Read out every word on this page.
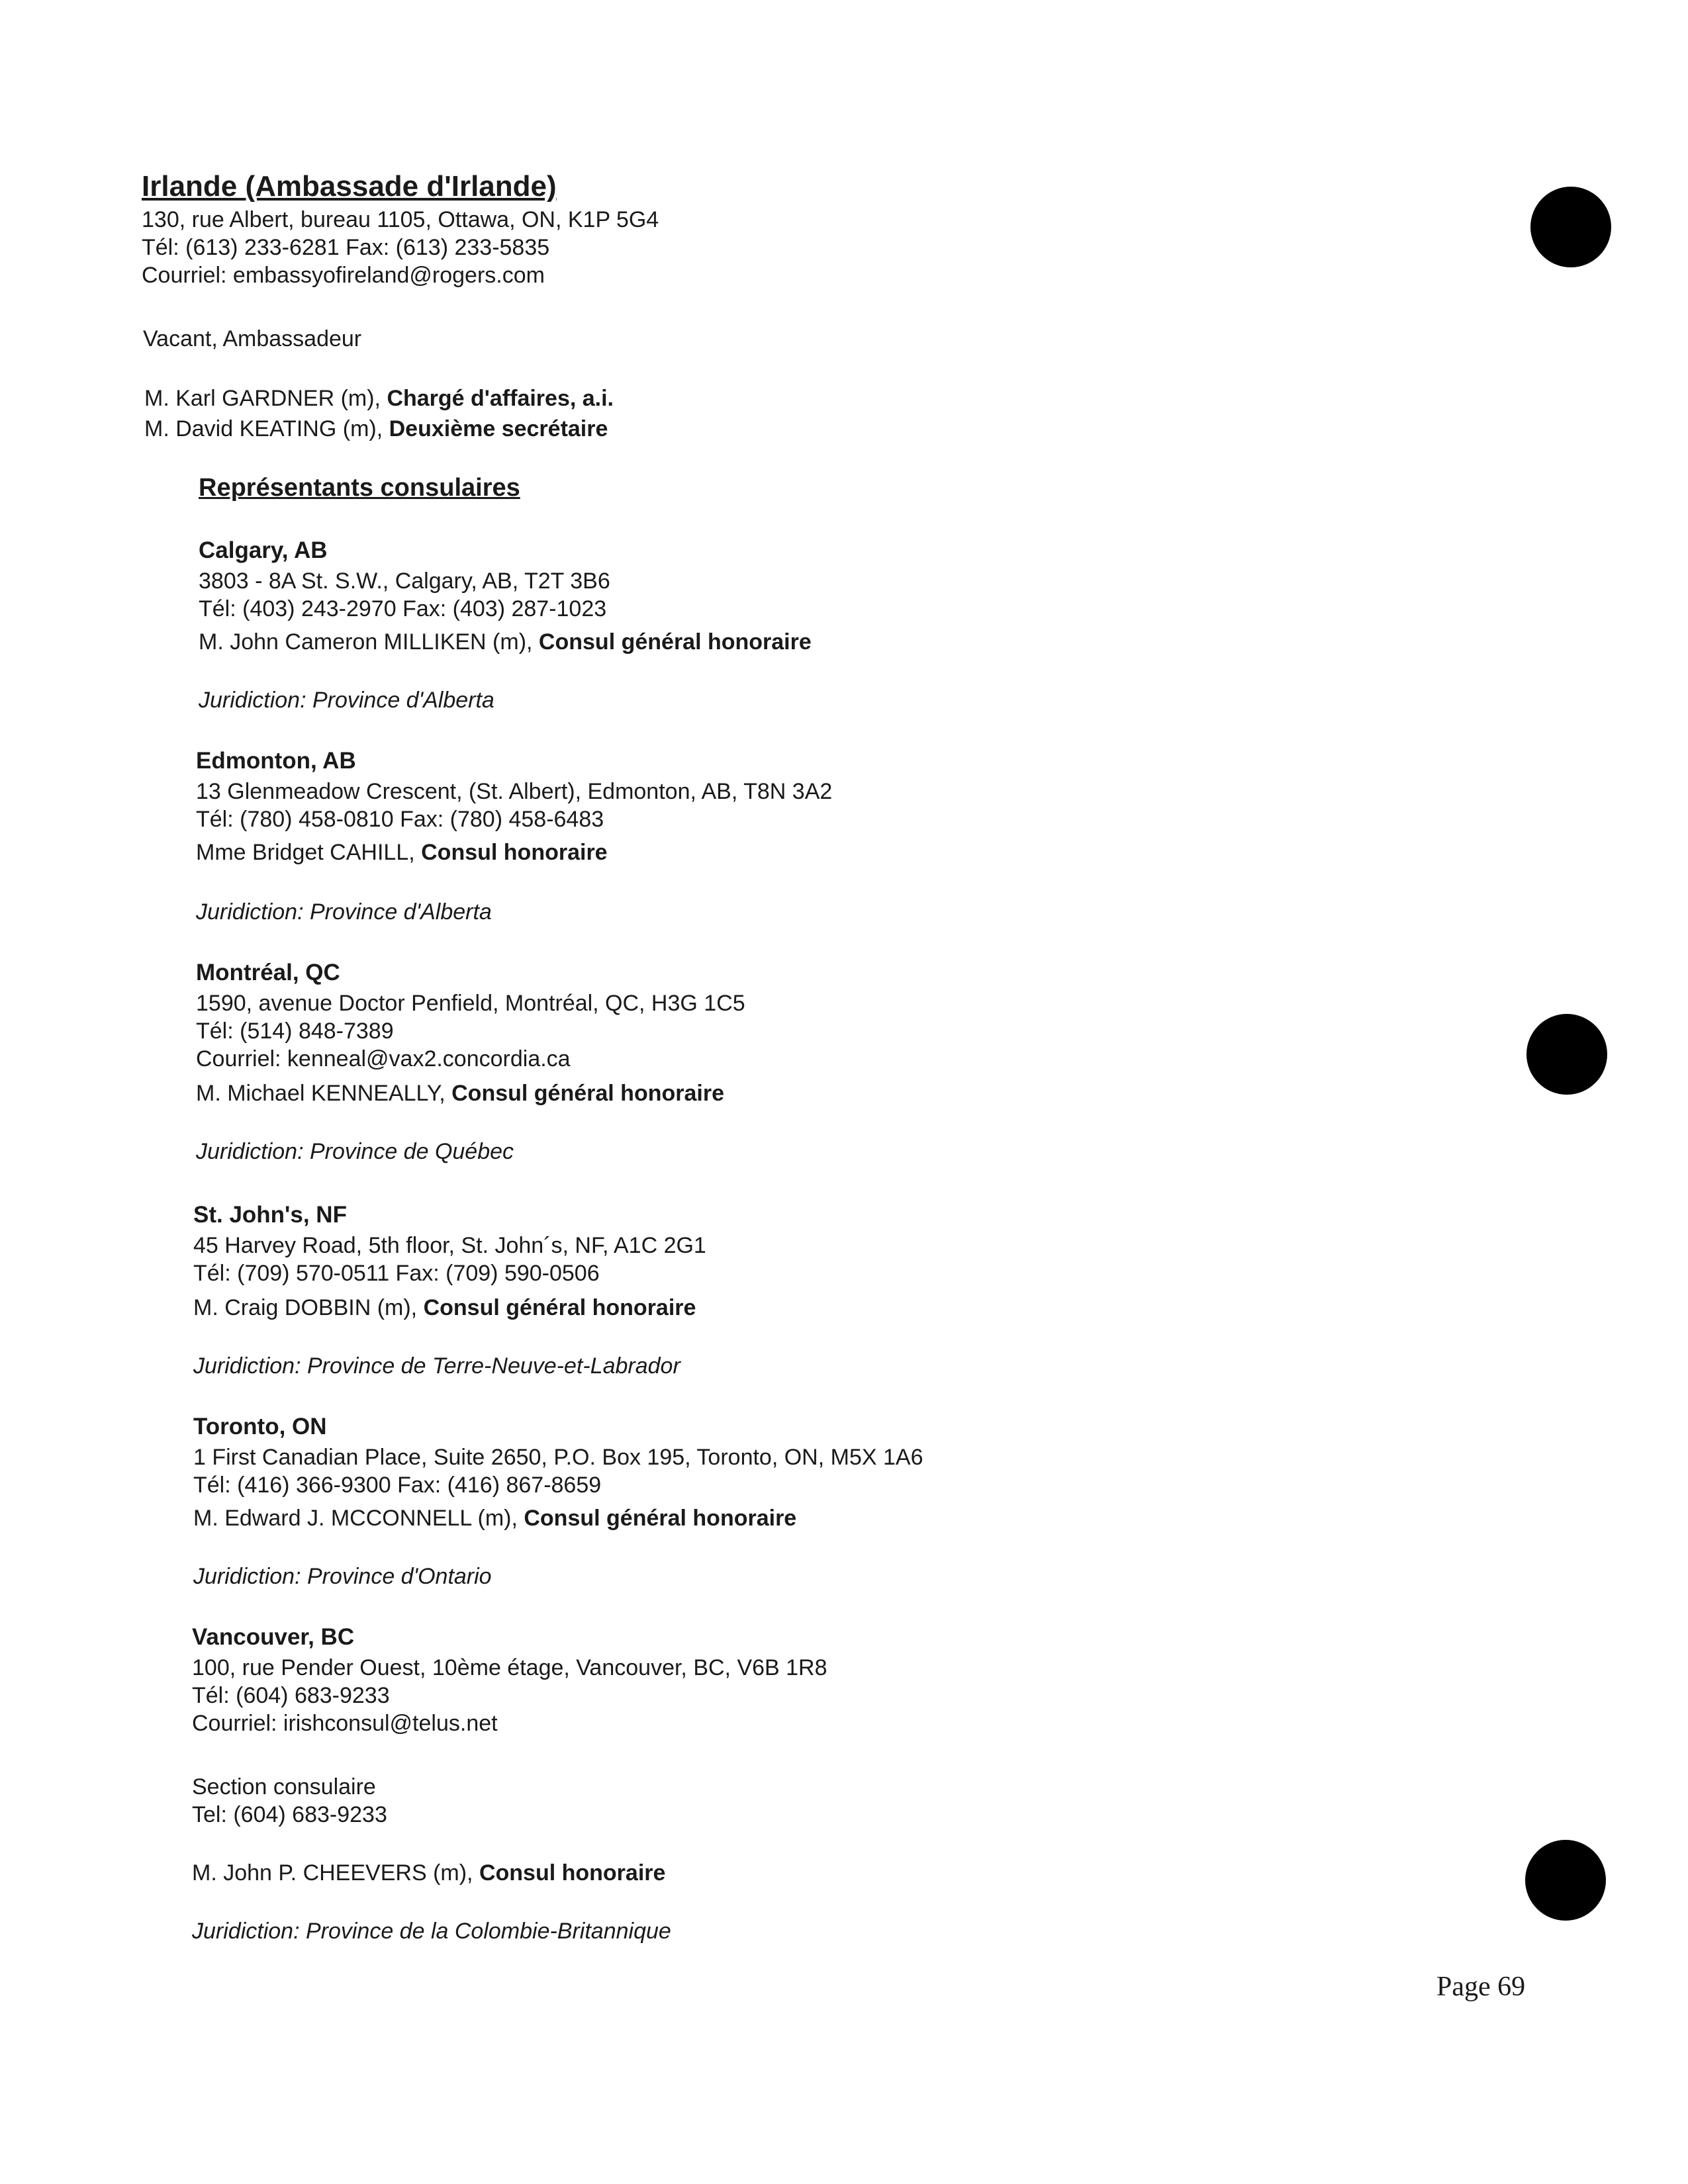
Irlande (Ambassade d'Irlande)
130, rue Albert, bureau 1105, Ottawa, ON, K1P 5G4
Tél: (613) 233-6281 Fax: (613) 233-5835
Courriel: embassyofireland@rogers.com
Vacant, Ambassadeur
M. Karl GARDNER (m), Chargé d'affaires, a.i.
M. David KEATING (m), Deuxième secrétaire
Représentants consulaires
Calgary, AB
3803 - 8A St. S.W., Calgary, AB, T2T 3B6
Tél: (403) 243-2970 Fax: (403) 287-1023
M. John Cameron MILLIKEN (m), Consul général honoraire
Juridiction: Province d'Alberta
Edmonton, AB
13 Glenmeadow Crescent, (St. Albert), Edmonton, AB, T8N 3A2
Tél: (780) 458-0810 Fax: (780) 458-6483
Mme Bridget CAHILL, Consul honoraire
Juridiction: Province d'Alberta
Montréal, QC
1590, avenue Doctor Penfield, Montréal, QC, H3G 1C5
Tél: (514) 848-7389
Courriel: kenneal@vax2.concordia.ca
M. Michael KENNEALLY, Consul général honoraire
Juridiction: Province de Québec
St. John's, NF
45 Harvey Road, 5th floor, St. John´s, NF, A1C 2G1
Tél: (709) 570-0511 Fax: (709) 590-0506
M. Craig DOBBIN (m), Consul général honoraire
Juridiction: Province de Terre-Neuve-et-Labrador
Toronto, ON
1 First Canadian Place, Suite 2650, P.O. Box 195, Toronto, ON, M5X 1A6
Tél: (416) 366-9300 Fax: (416) 867-8659
M. Edward J. MCCONNELL (m), Consul général honoraire
Juridiction: Province d'Ontario
Vancouver, BC
100, rue Pender Ouest, 10ème étage, Vancouver, BC, V6B 1R8
Tél: (604) 683-9233
Courriel: irishconsul@telus.net
Section consulaire
Tel: (604) 683-9233
M. John P. CHEEVERS (m), Consul honoraire
Juridiction: Province de la Colombie-Britannique
Page 69
